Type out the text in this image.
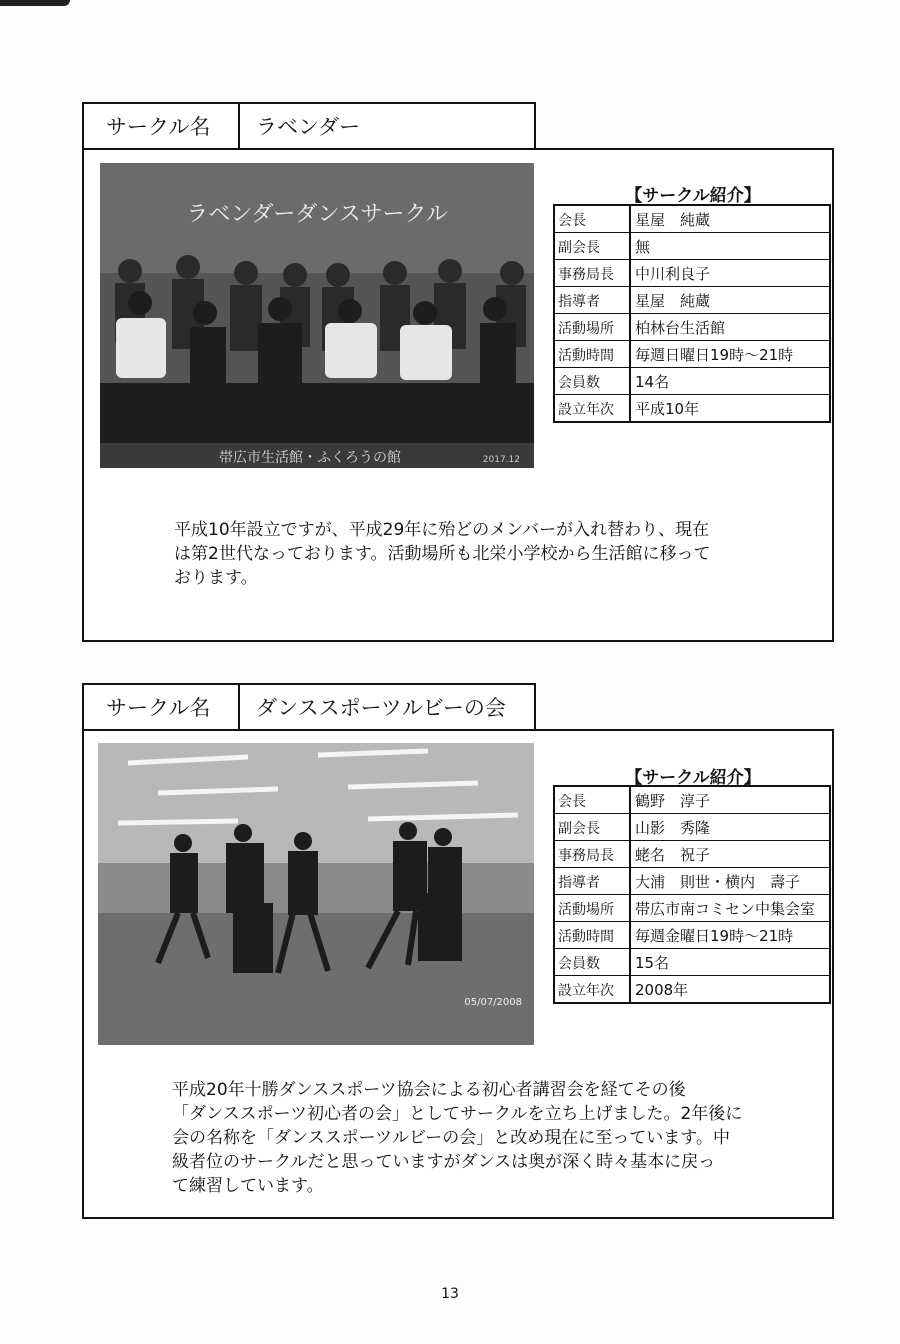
サークル名	ラベンダー
ラベンダーダンスサークル
帯広市生活館・ふくろうの館	2017.12
【サークル紹介】
会長	星屋　純蔵
副会長	無
事務局長	中川利良子
指導者	星屋　純蔵
活動場所	柏林台生活館
活動時間	毎週日曜日19時～21時
会員数	14名
設立年次	平成10年
平成10年設立ですが、平成29年に殆どのメンバーが入れ替わり、現在
は第2世代なっております。活動場所も北栄小学校から生活館に移って
おります。
サークル名	ダンススポーツルビーの会
05/07/2008
【サークル紹介】
会長	鶴野　淳子
副会長	山影　秀隆
事務局長	蛯名　祝子
指導者	大浦　則世・横内　壽子
活動場所	帯広市南コミセン中集会室
活動時間	毎週金曜日19時～21時
会員数	15名
設立年次	2008年
平成20年十勝ダンススポーツ協会による初心者講習会を経てその後
「ダンススポーツ初心者の会」としてサークルを立ち上げました。2年後に
会の名称を「ダンススポーツルビーの会」と改め現在に至っています。中
級者位のサークルだと思っていますがダンスは奥が深く時々基本に戻っ
て練習しています。
13
